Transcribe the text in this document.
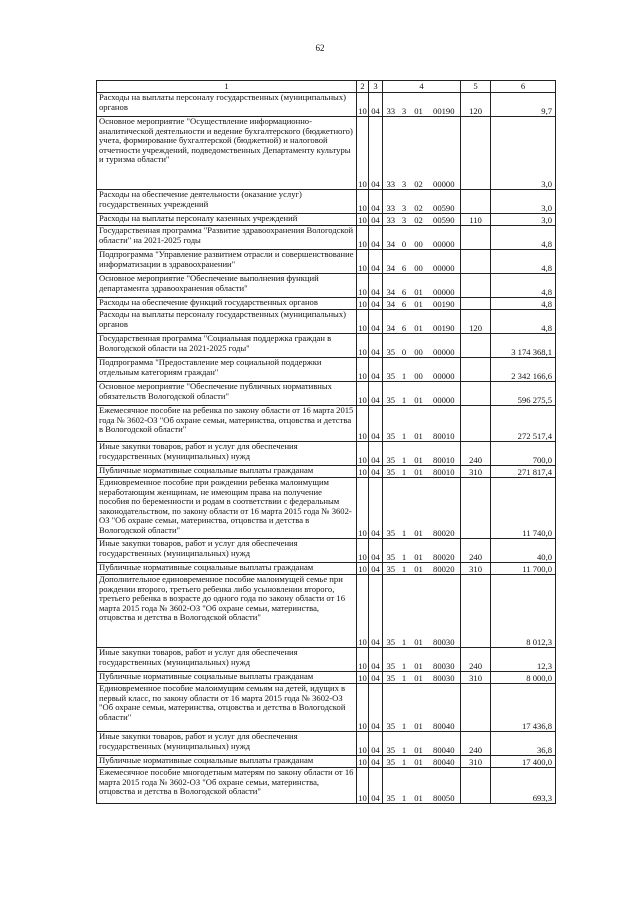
62
1	2	3	4				5	6
Расходы на выплаты персоналу государственных (муниципальных) органов	10	04	33	3	01	00190	120	9,7
Основное мероприятие "Осуществление информационно-аналитической деятельности и ведение бухгалтерского (бюджетного) учета, формирование бухгалтерской (бюджетной) и налоговой отчетности учреждений, подведомственных Департаменту культуры и туризма области"	10	04	33	3	02	00000		3,0
Расходы на обеспечение деятельности (оказание услуг) государственных учреждений	10	04	33	3	02	00590		3,0
Расходы на выплаты персоналу казенных учреждений	10	04	33	3	02	00590	110	3,0
Государственная программа "Развитие здравоохранения Вологодской области" на 2021-2025 годы	10	04	34	0	00	00000		4,8
Подпрограмма "Управление развитием отрасли и совершенствование информатизации в здравоохранении"	10	04	34	6	00	00000		4,8
Основное мероприятие "Обеспечение выполнения функций департамента здравоохранения области"	10	04	34	6	01	00000		4,8
Расходы на обеспечение функций государственных органов	10	04	34	6	01	00190		4,8
Расходы на выплаты персоналу государственных (муниципальных) органов	10	04	34	6	01	00190	120	4,8
Государственная программа "Социальная поддержка граждан в Вологодской области на 2021-2025 годы"	10	04	35	0	00	00000		3 174 368,1
Подпрограмма "Предоставление мер социальной поддержки отдельным категориям граждан"	10	04	35	1	00	00000		2 342 166,6
Основное мероприятие "Обеспечение публичных нормативных обязательств Вологодской области"	10	04	35	1	01	00000		596 275,5
Ежемесячное пособие на ребенка по закону области от 16 марта 2015 года № 3602-ОЗ "Об охране семьи, материнства, отцовства и детства в Вологодской области"	10	04	35	1	01	80010		272 517,4
Иные закупки товаров, работ и услуг для обеспечения государственных (муниципальных) нужд	10	04	35	1	01	80010	240	700,0
Публичные нормативные социальные выплаты гражданам	10	04	35	1	01	80010	310	271 817,4
Единовременное пособие при рождении ребенка малоимущим неработающим женщинам, не имеющим права на получение пособия по беременности и родам в соответствии с федеральным законодательством, по закону области от 16 марта 2015 года № 3602-ОЗ "Об охране семьи, материнства, отцовства и детства в Вологодской области"	10	04	35	1	01	80020		11 740,0
Иные закупки товаров, работ и услуг для обеспечения государственных (муниципальных) нужд	10	04	35	1	01	80020	240	40,0
Публичные нормативные социальные выплаты гражданам	10	04	35	1	01	80020	310	11 700,0
Дополнительное единовременное пособие малоимущей семье при рождении второго, третьего ребенка либо усыновлении второго, третьего ребенка в возрасте до одного года по закону области от 16 марта 2015 года № 3602-ОЗ "Об охране семьи, материнства, отцовства и детства в Вологодской области"	10	04	35	1	01	80030		8 012,3
Иные закупки товаров, работ и услуг для обеспечения государственных (муниципальных) нужд	10	04	35	1	01	80030	240	12,3
Публичные нормативные социальные выплаты гражданам	10	04	35	1	01	80030	310	8 000,0
Единовременное пособие малоимущим семьям на детей, идущих в первый класс, по закону области от 16 марта 2015 года № 3602-ОЗ "Об охране семьи, материнства, отцовства и детства в Вологодской области"	10	04	35	1	01	80040		17 436,8
Иные закупки товаров, работ и услуг для обеспечения государственных (муниципальных) нужд	10	04	35	1	01	80040	240	36,8
Публичные нормативные социальные выплаты гражданам	10	04	35	1	01	80040	310	17 400,0
Ежемесячное пособие многодетным матерям по закону области от 16 марта 2015 года № 3602-ОЗ "Об охране семьи, материнства, отцовства и детства в Вологодской области"	10	04	35	1	01	80050		693,3
